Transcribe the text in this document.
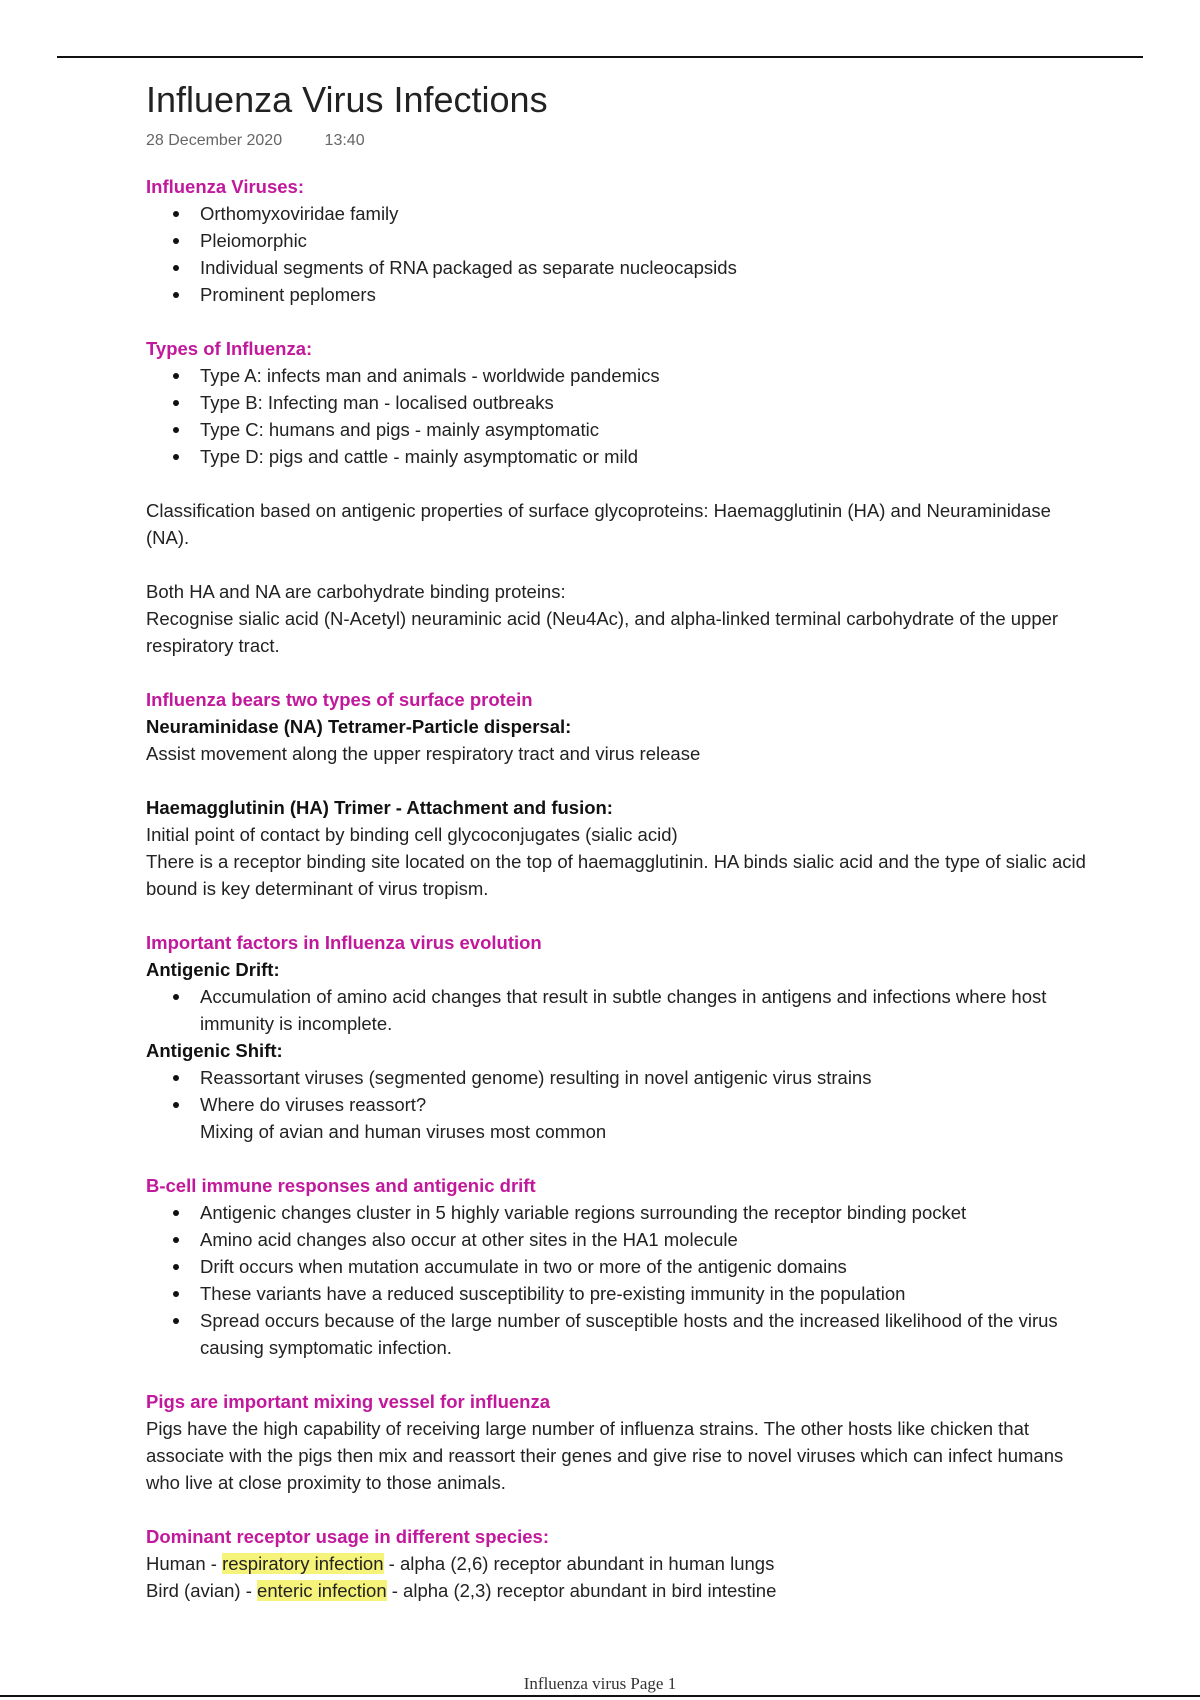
Influenza Virus Infections
28 December 2020	13:40
Influenza Viruses:
Orthomyxoviridae family
Pleiomorphic
Individual segments of RNA packaged as separate nucleocapsids
Prominent peplomers
Types of Influenza:
Type A: infects man and animals - worldwide pandemics
Type B: Infecting man - localised outbreaks
Type C: humans and pigs - mainly asymptomatic
Type D: pigs and cattle - mainly asymptomatic or mild

Classification based on antigenic properties of surface glycoproteins: Haemagglutinin (HA) and Neuraminidase (NA).

Both HA and NA are carbohydrate binding proteins:

Recognise sialic acid (N-Acetyl) neuraminic acid (Neu4Ac), and alpha-linked terminal carbohydrate of the upper respiratory tract.

Influenza bears two types of surface protein
Neuraminidase (NA) Tetramer-Particle dispersal:

Assist movement along the upper respiratory tract and virus release

Haemagglutinin (HA) Trimer - Attachment and fusion:

Initial point of contact by binding cell glycoconjugates (sialic acid)

There is a receptor binding site located on the top of haemagglutinin. HA binds sialic acid and the type of sialic acid bound is key determinant of virus tropism.

Important factors in Influenza virus evolution
Antigenic Drift:
Accumulation of amino acid changes that result in subtle changes in antigens and infections where host immunity is incomplete.
Antigenic Shift:
Reassortant viruses (segmented genome) resulting in novel antigenic virus strains
Where do viruses reassort?
Mixing of avian and human viruses most common
B-cell immune responses and antigenic drift
Antigenic changes cluster in 5 highly variable regions surrounding the receptor binding pocket
Amino acid changes also occur at other sites in the HA1 molecule
Drift occurs when mutation accumulate in two or more of the antigenic domains
These variants have a reduced susceptibility to pre-existing immunity in the population
Spread occurs because of the large number of susceptible hosts and the increased likelihood of the virus causing symptomatic infection.
Pigs are important mixing vessel for influenza

Pigs have the high capability of receiving large number of influenza strains. The other hosts like chicken that associate with the pigs then mix and reassort their genes and give rise to novel viruses which can infect humans who live at close proximity to those animals.

Dominant receptor usage in different species:

Human - respiratory infection - alpha (2,6) receptor abundant in human lungs

Bird (avian) - enteric infection - alpha (2,3) receptor abundant in bird intestine

Influenza virus Page 1
